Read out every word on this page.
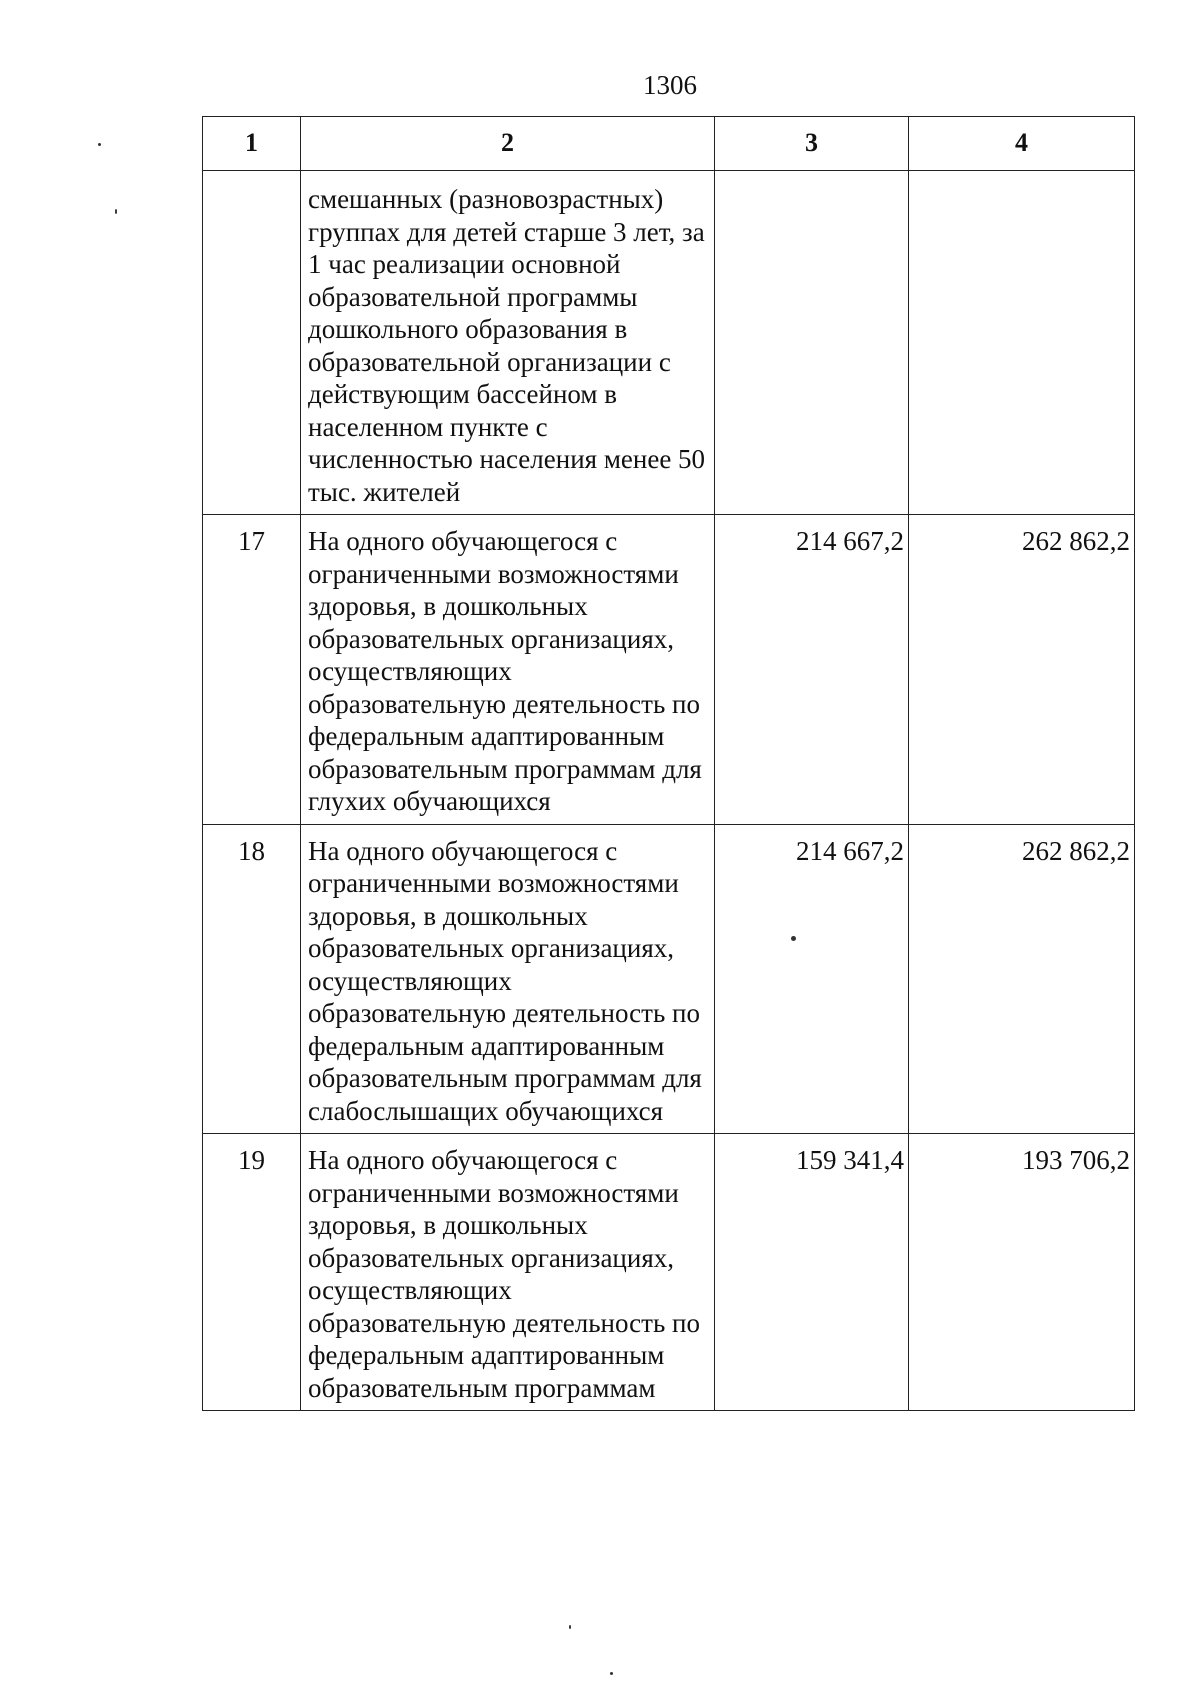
1306
1	2	3	4
	смешанных (разновозрастных) группах для детей старше 3 лет, за 1 час реализации основной образовательной программы дошкольного образования в образовательной организации с действующим бассейном в населенном пункте с численностью населения менее 50 тыс. жителей		
17	На одного обучающегося с ограниченными возможностями здоровья, в дошкольных образовательных организациях, осуществляющих образовательную деятельность по федеральным адаптированным образовательным программам для глухих обучающихся	214 667,2	262 862,2
18	На одного обучающегося с ограниченными возможностями здоровья, в дошкольных образовательных организациях, осуществляющих образовательную деятельность по федеральным адаптированным образовательным программам для слабослышащих обучающихся	214 667,2	262 862,2
19	На одного обучающегося с ограниченными возможностями здоровья, в дошкольных образовательных организациях, осуществляющих образовательную деятельность по федеральным адаптированным образовательным программам	159 341,4	193 706,2
